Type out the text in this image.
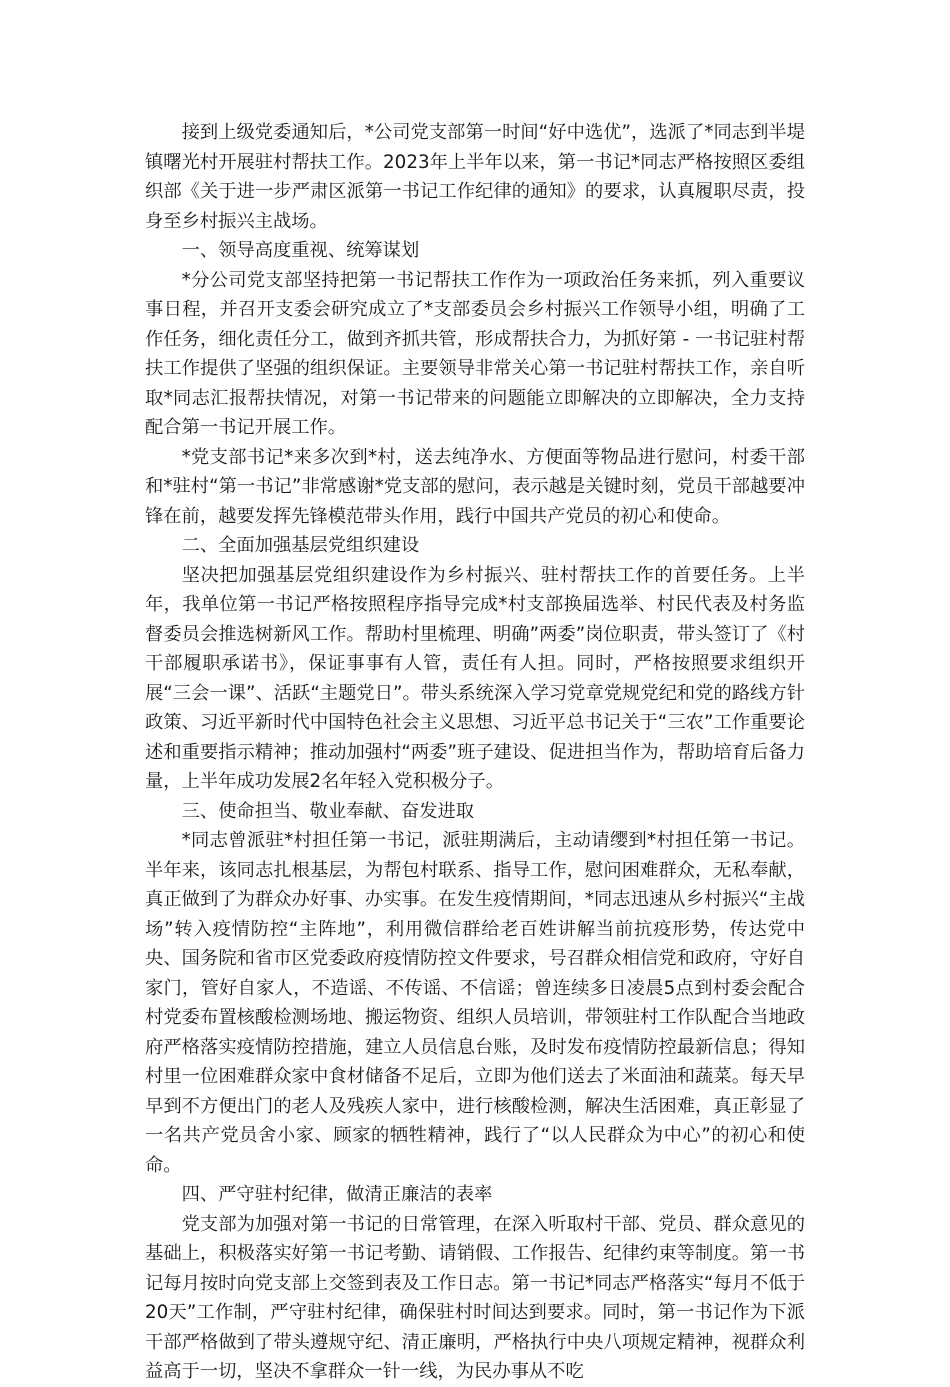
接到上级党委通知后，*公司党支部第一时间“好中选优”，选派了*同志到半堤镇曙光村开展驻村帮扶工作。2023年上半年以来，第一书记*同志严格按照区委组织部《关于进一步严肃区派第一书记工作纪律的通知》的要求，认真履职尽责，投身至乡村振兴主战场。

一、领导高度重视、统筹谋划

*分公司党支部坚持把第一书记帮扶工作作为一项政治任务来抓，列入重要议事日程，并召开支委会研究成立了*支部委员会乡村振兴工作领导小组，明确了工作任务，细化责任分工，做到齐抓共管，形成帮扶合力，为抓好第 - 一书记驻村帮扶工作提供了坚强的组织保证。主要领导非常关心第一书记驻村帮扶工作，亲自听取*同志汇报帮扶情况，对第一书记带来的问题能立即解决的立即解决，全力支持配合第一书记开展工作。

*党支部书记*来多次到*村，送去纯净水、方便面等物品进行慰问，村委干部和*驻村“第一书记”非常感谢*党支部的慰问，表示越是关键时刻，党员干部越要冲锋在前，越要发挥先锋模范带头作用，践行中国共产党员的初心和使命。

二、全面加强基层党组织建设

坚决把加强基层党组织建设作为乡村振兴、驻村帮扶工作的首要任务。上半年，我单位第一书记严格按照程序指导完成*村支部换届选举、村民代表及村务监督委员会推选树新风工作。帮助村里梳理、明确”两委”岗位职责，带头签订了《村干部履职承诺书》，保证事事有人管，责任有人担。同时，严格按照要求组织开展“三会一课”、活跃“主题党日”。带头系统深入学习党章党规党纪和党的路线方针政策、习近平新时代中国特色社会主义思想、习近平总书记关于“三农”工作重要论述和重要指示精神；推动加强村“两委”班子建设、促进担当作为，帮助培育后备力量，上半年成功发展2名年轻入党积极分子。

三、使命担当、敬业奉献、奋发进取

*同志曾派驻*村担任第一书记，派驻期满后，主动请缨到*村担任第一书记。半年来，该同志扎根基层，为帮包村联系、指导工作，慰问困难群众，无私奉献，真正做到了为群众办好事、办实事。在发生疫情期间，*同志迅速从乡村振兴“主战场”转入疫情防控“主阵地”，利用微信群给老百姓讲解当前抗疫形势，传达党中央、国务院和省市区党委政府疫情防控文件要求，号召群众相信党和政府，守好自家门，管好自家人，不造谣、不传谣、不信谣；曾连续多日凌晨5点到村委会配合村党委布置核酸检测场地、搬运物资、组织人员培训，带领驻村工作队配合当地政府严格落实疫情防控措施，建立人员信息台账，及时发布疫情防控最新信息；得知村里一位困难群众家中食材储备不足后，立即为他们送去了米面油和蔬菜。每天早早到不方便出门的老人及残疾人家中，进行核酸检测，解决生活困难，真正彰显了一名共产党员舍小家、顾家的牺牲精神，践行了“以人民群众为中心”的初心和使命。

四、严守驻村纪律，做清正廉洁的表率

党支部为加强对第一书记的日常管理，在深入听取村干部、党员、群众意见的基础上，积极落实好第一书记考勤、请销假、工作报告、纪律约束等制度。第一书记每月按时向党支部上交签到表及工作日志。第一书记*同志严格落实“每月不低于20天”工作制，严守驻村纪律，确保驻村时间达到要求。同时，第一书记作为下派干部严格做到了带头遵规守纪、清正廉明，严格执行中央八项规定精神，视群众利益高于一切，坚决不拿群众一针一线，为民办事从不吃
